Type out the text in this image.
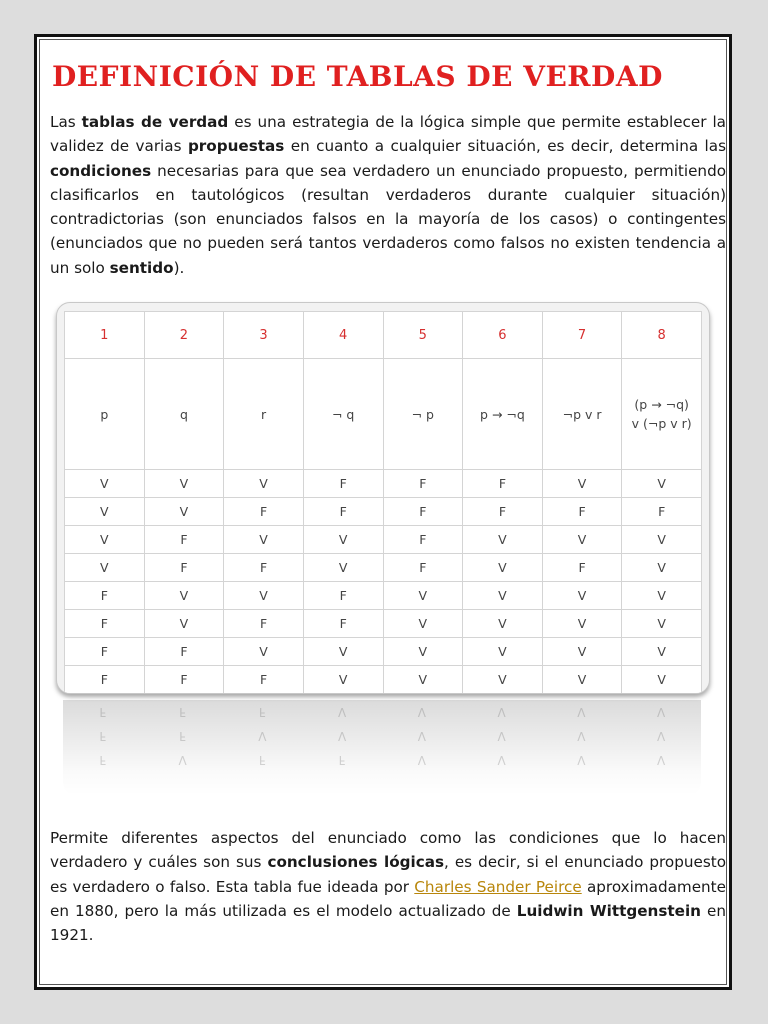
DEFINICIÓN DE TABLAS DE VERDAD

Las tablas de verdad es una estrategia de la lógica simple que permite establecer la validez de varias propuestas en cuanto a cualquier situación, es decir, determina las condiciones necesarias para que sea verdadero un enunciado propuesto, permitiendo clasificarlos en tautológicos (resultan verdaderos durante cualquier situación) contradictorias (son enunciados falsos en la mayoría de los casos) o contingentes (enunciados que no pueden será tantos verdaderos como falsos no existen tendencia a un solo sentido).

1	2	3	4	5	6	7	8
p	q	r	¬ q	¬ p	p → ¬q	¬p v r	(p → ¬q)
v (¬p v r)
V	V	V	F	F	F	V	V
V	V	F	F	F	F	F	F
V	F	V	V	F	V	V	V
V	F	F	V	F	V	F	V
F	V	V	F	V	V	V	V
F	V	F	F	V	V	V	V
F	F	V	V	V	V	V	V
F	F	F	V	V	V	V	V
F	F	F	V	V	V	V	V
F	F	V	V	V	V	V	V
F	V	F	F	V	V	V	V

Permite diferentes aspectos del enunciado como las condiciones que lo hacen verdadero y cuáles son sus conclusiones lógicas, es decir, si el enunciado propuesto es verdadero o falso. Esta tabla fue ideada por Charles Sander Peirce aproximadamente en 1880, pero la más utilizada es el modelo actualizado de Luidwin Wittgenstein en 1921.
